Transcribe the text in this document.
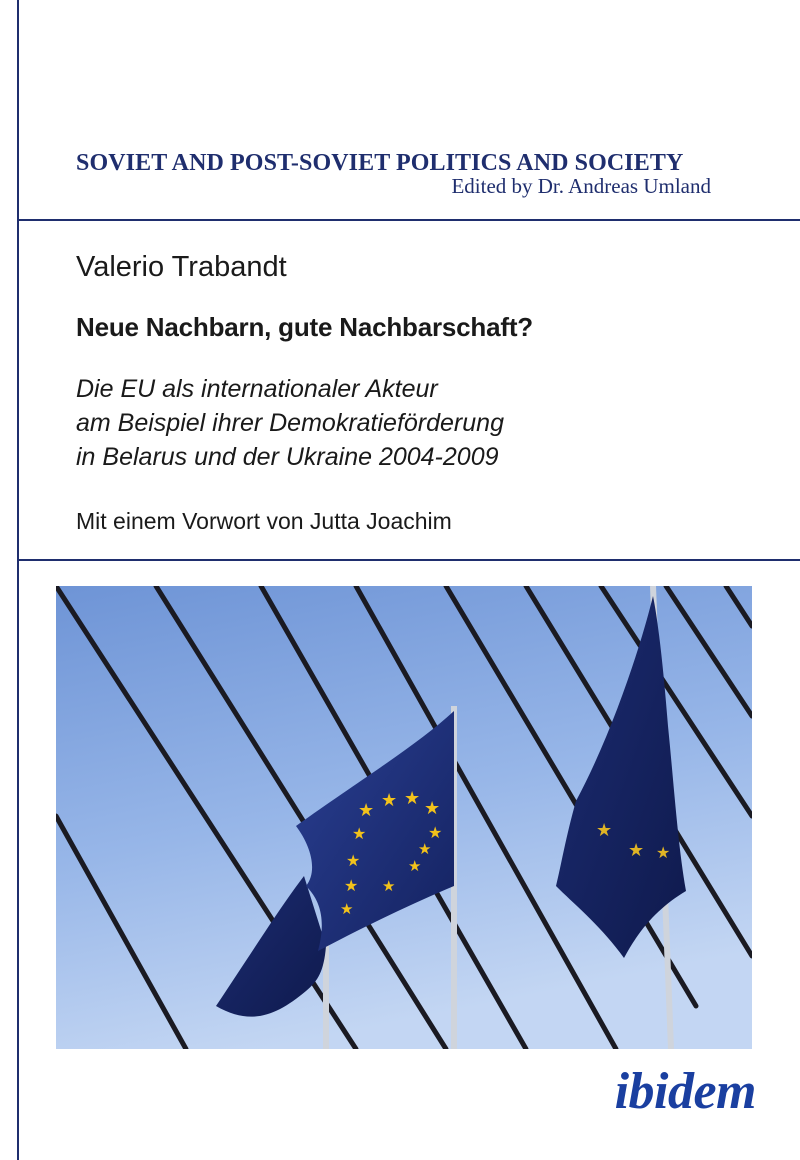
SOVIET AND POST-SOVIET POLITICS AND SOCIETY
Edited by Dr. Andreas Umland
Valerio Trabandt
Neue Nachbarn, gute Nachbarschaft?
Die EU als internationaler Akteur
am Beispiel ihrer Demokratieförderung
in Belarus und der Ukraine 2004-2009
Mit einem Vorwort von Jutta Joachim
★ ★ ★ ★
★
★
★
★
★
★
★
★
★
★ ★
ibidem
